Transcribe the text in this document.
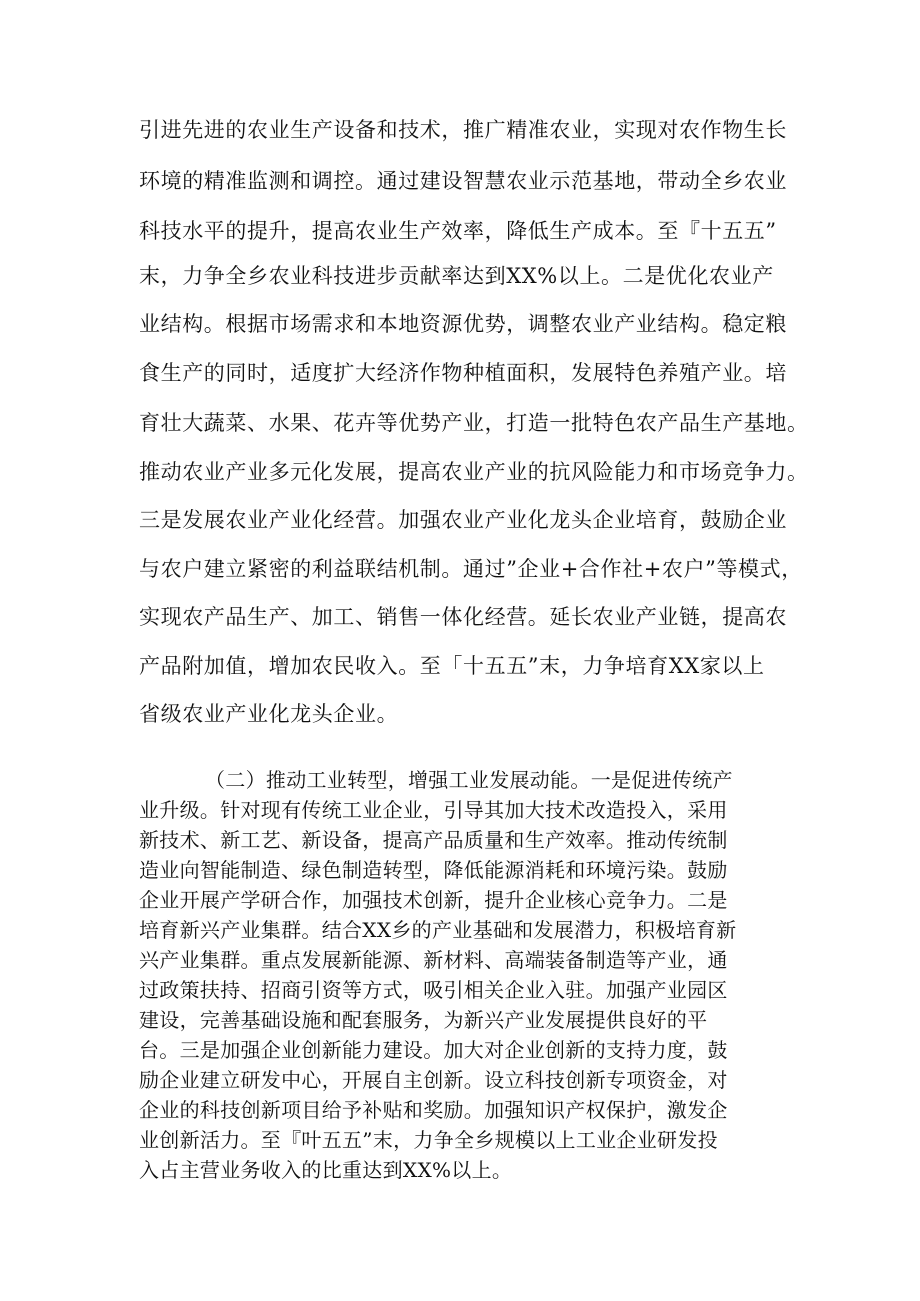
引进先进的农业生产设备和技术，推广精准农业，实现对农作物生长
环境的精准监测和调控。通过建设智慧农业示范基地，带动全乡农业
科技水平的提升，提高农业生产效率，降低生产成本。至『十五五”
末，力争全乡农业科技进步贡献率达到XX%以上。二是优化农业产
业结构。根据市场需求和本地资源优势，调整农业产业结构。稳定粮
食生产的同时，适度扩大经济作物种植面积，发展特色养殖产业。培
育壮大蔬菜、水果、花卉等优势产业，打造一批特色农产品生产基地。
推动农业产业多元化发展，提高农业产业的抗风险能力和市场竞争力。
三是发展农业产业化经营。加强农业产业化龙头企业培育，鼓励企业
与农户建立紧密的利益联结机制。通过”企业+合作社+农户”等模式，
实现农产品生产、加工、销售一体化经营。延长农业产业链，提高农
产品附加值，增加农民收入。至「十五五”末，力争培育XX家以上
省级农业产业化龙头企业。
（二）推动工业转型，增强工业发展动能。一是促进传统产
业升级。针对现有传统工业企业，引导其加大技术改造投入，采用
新技术、新工艺、新设备，提高产品质量和生产效率。推动传统制
造业向智能制造、绿色制造转型，降低能源消耗和环境污染。鼓励
企业开展产学研合作，加强技术创新，提升企业核心竞争力。二是
培育新兴产业集群。结合XX乡的产业基础和发展潜力，积极培育新
兴产业集群。重点发展新能源、新材料、高端装备制造等产业，通
过政策扶持、招商引资等方式，吸引相关企业入驻。加强产业园区
建设，完善基础设施和配套服务，为新兴产业发展提供良好的平
台。三是加强企业创新能力建设。加大对企业创新的支持力度，鼓
励企业建立研发中心，开展自主创新。设立科技创新专项资金，对
企业的科技创新项目给予补贴和奖励。加强知识产权保护，激发企
业创新活力。至『叶五五”末，力争全乡规模以上工业企业研发投
入占主营业务收入的比重达到XX%以上。
